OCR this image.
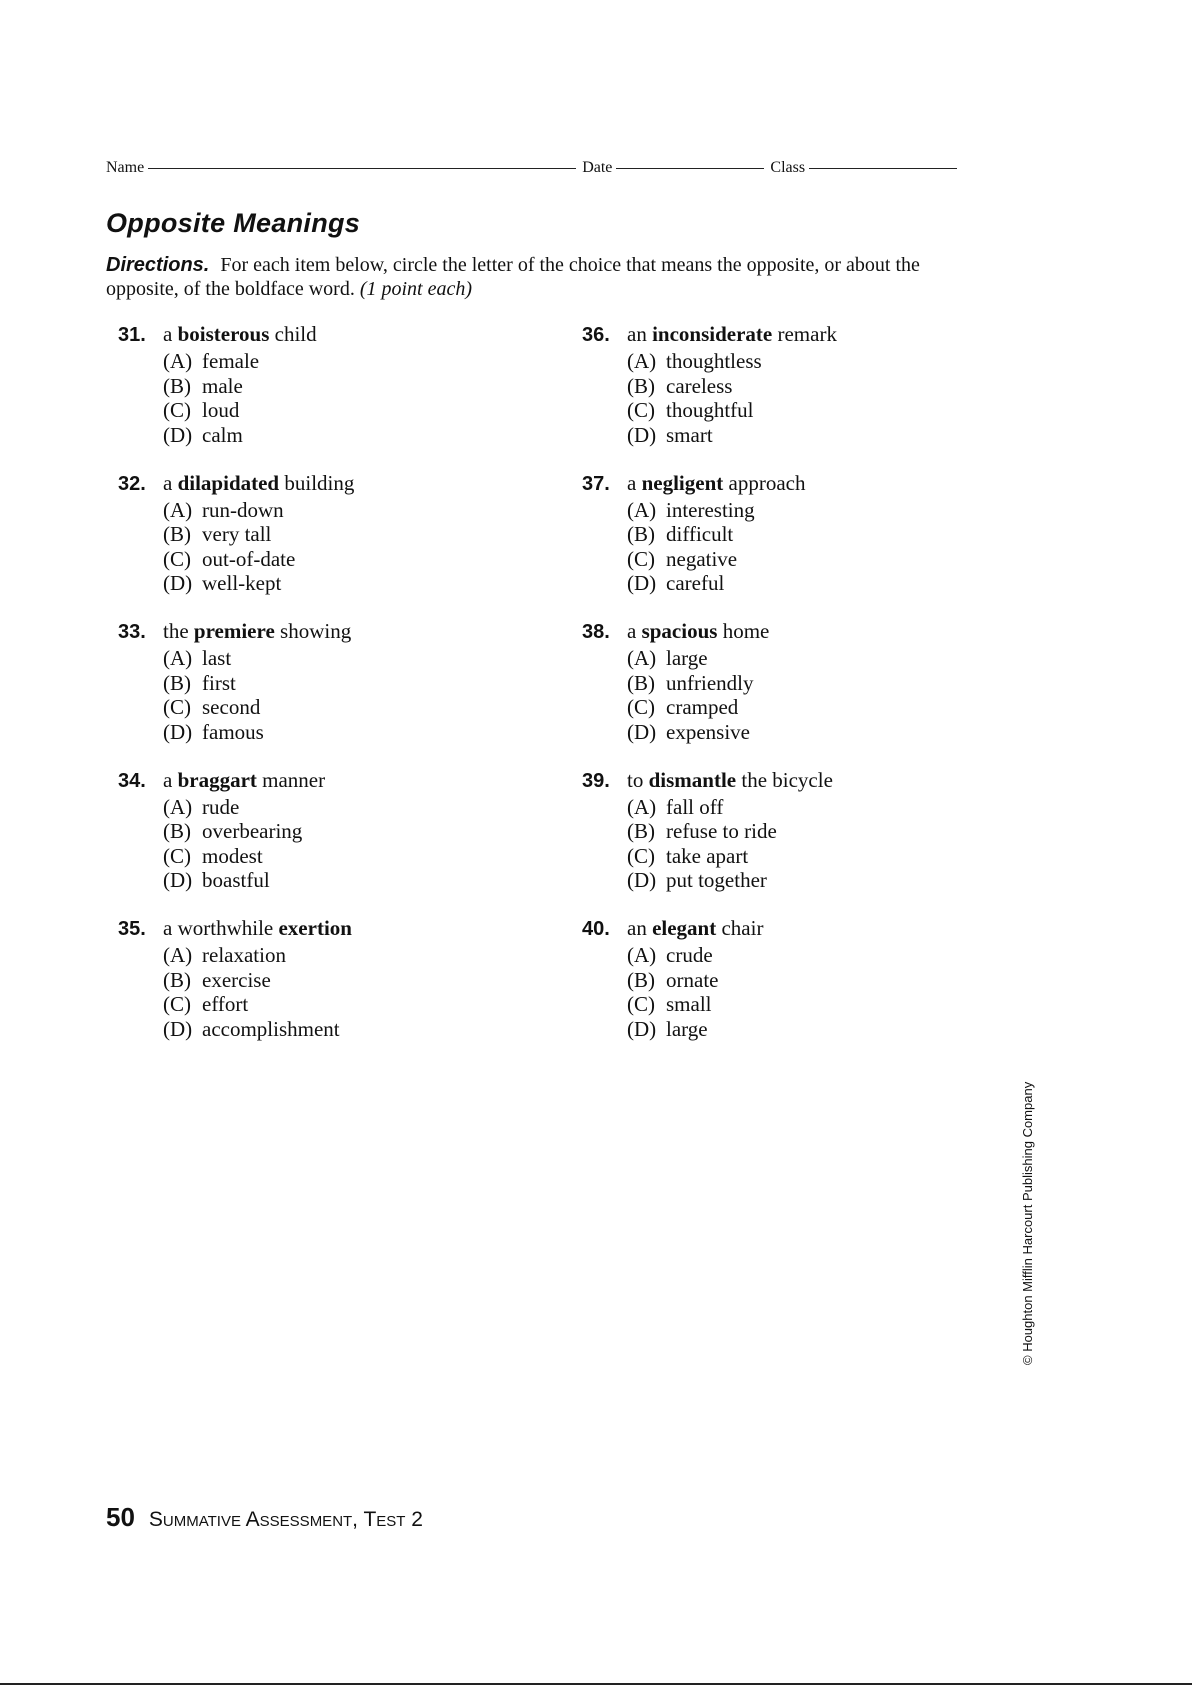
Name	Date	Class
Opposite Meanings

Directions. For each item below, circle the letter of the choice that means the opposite, or about the opposite, of the boldface word. (1 point each)

31. a boisterous child
(A) female
(B) male
(C) loud
(D) calm
32. a dilapidated building
(A) run-down
(B) very tall
(C) out-of-date
(D) well-kept
33. the premiere showing
(A) last
(B) first
(C) second
(D) famous
34. a braggart manner
(A) rude
(B) overbearing
(C) modest
(D) boastful
35. a worthwhile exertion
(A) relaxation
(B) exercise
(C) effort
(D) accomplishment
36. an inconsiderate remark
(A) thoughtless
(B) careless
(C) thoughtful
(D) smart
37. a negligent approach
(A) interesting
(B) difficult
(C) negative
(D) careful
38. a spacious home
(A) large
(B) unfriendly
(C) cramped
(D) expensive
39. to dismantle the bicycle
(A) fall off
(B) refuse to ride
(C) take apart
(D) put together
40. an elegant chair
(A) crude
(B) ornate
(C) small
(D) large
© Houghton Mifflin Harcourt Publishing Company
50 Summative Assessment, Test 2
